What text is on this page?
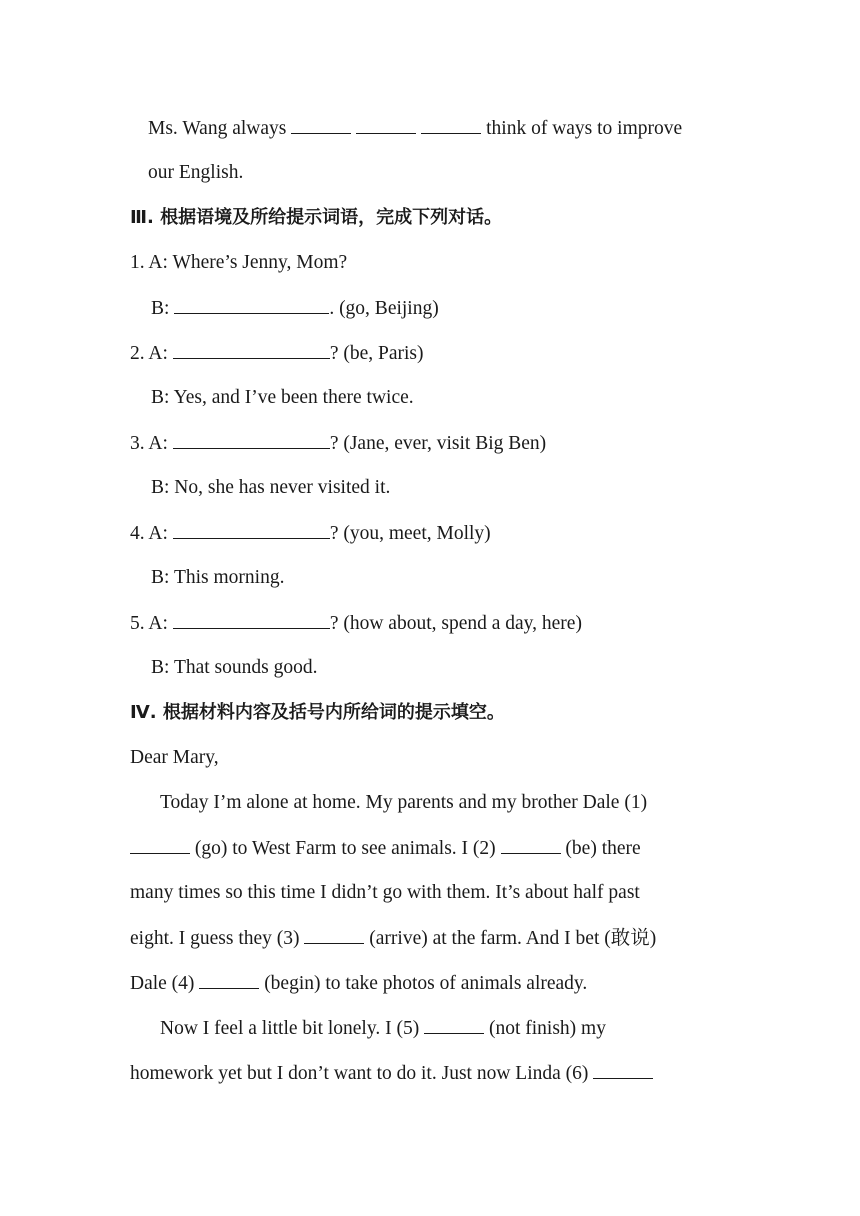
Ms. Wang always	think of ways to improve
our English.
Ⅲ. 根据语境及所给提示词语，完成下列对话。
1. A: Where’s Jenny, Mom?
B:	. (go, Beijing)
2. A:	? (be, Paris)
B: Yes, and I’ve been there twice.
3. A:	? (Jane, ever, visit Big Ben)
B: No, she has never visited it.
4. A:	? (you, meet, Molly)
B: This morning.
5. A:	? (how about, spend a day, here)
B: That sounds good.
Ⅳ. 根据材料内容及括号内所给词的提示填空。
Dear Mary,
Today I’m alone at home. My parents and my brother Dale (1)
(go) to West Farm to see animals. I (2)	(be) there
many times so this time I didn’t go with them. It’s about half past
eight. I guess they (3)	(arrive) at the farm. And I bet (敢说)
Dale (4)	(begin) to take photos of animals already.
Now I feel a little bit lonely. I (5)	(not finish) my
homework yet but I don’t want to do it. Just now Linda (6)
